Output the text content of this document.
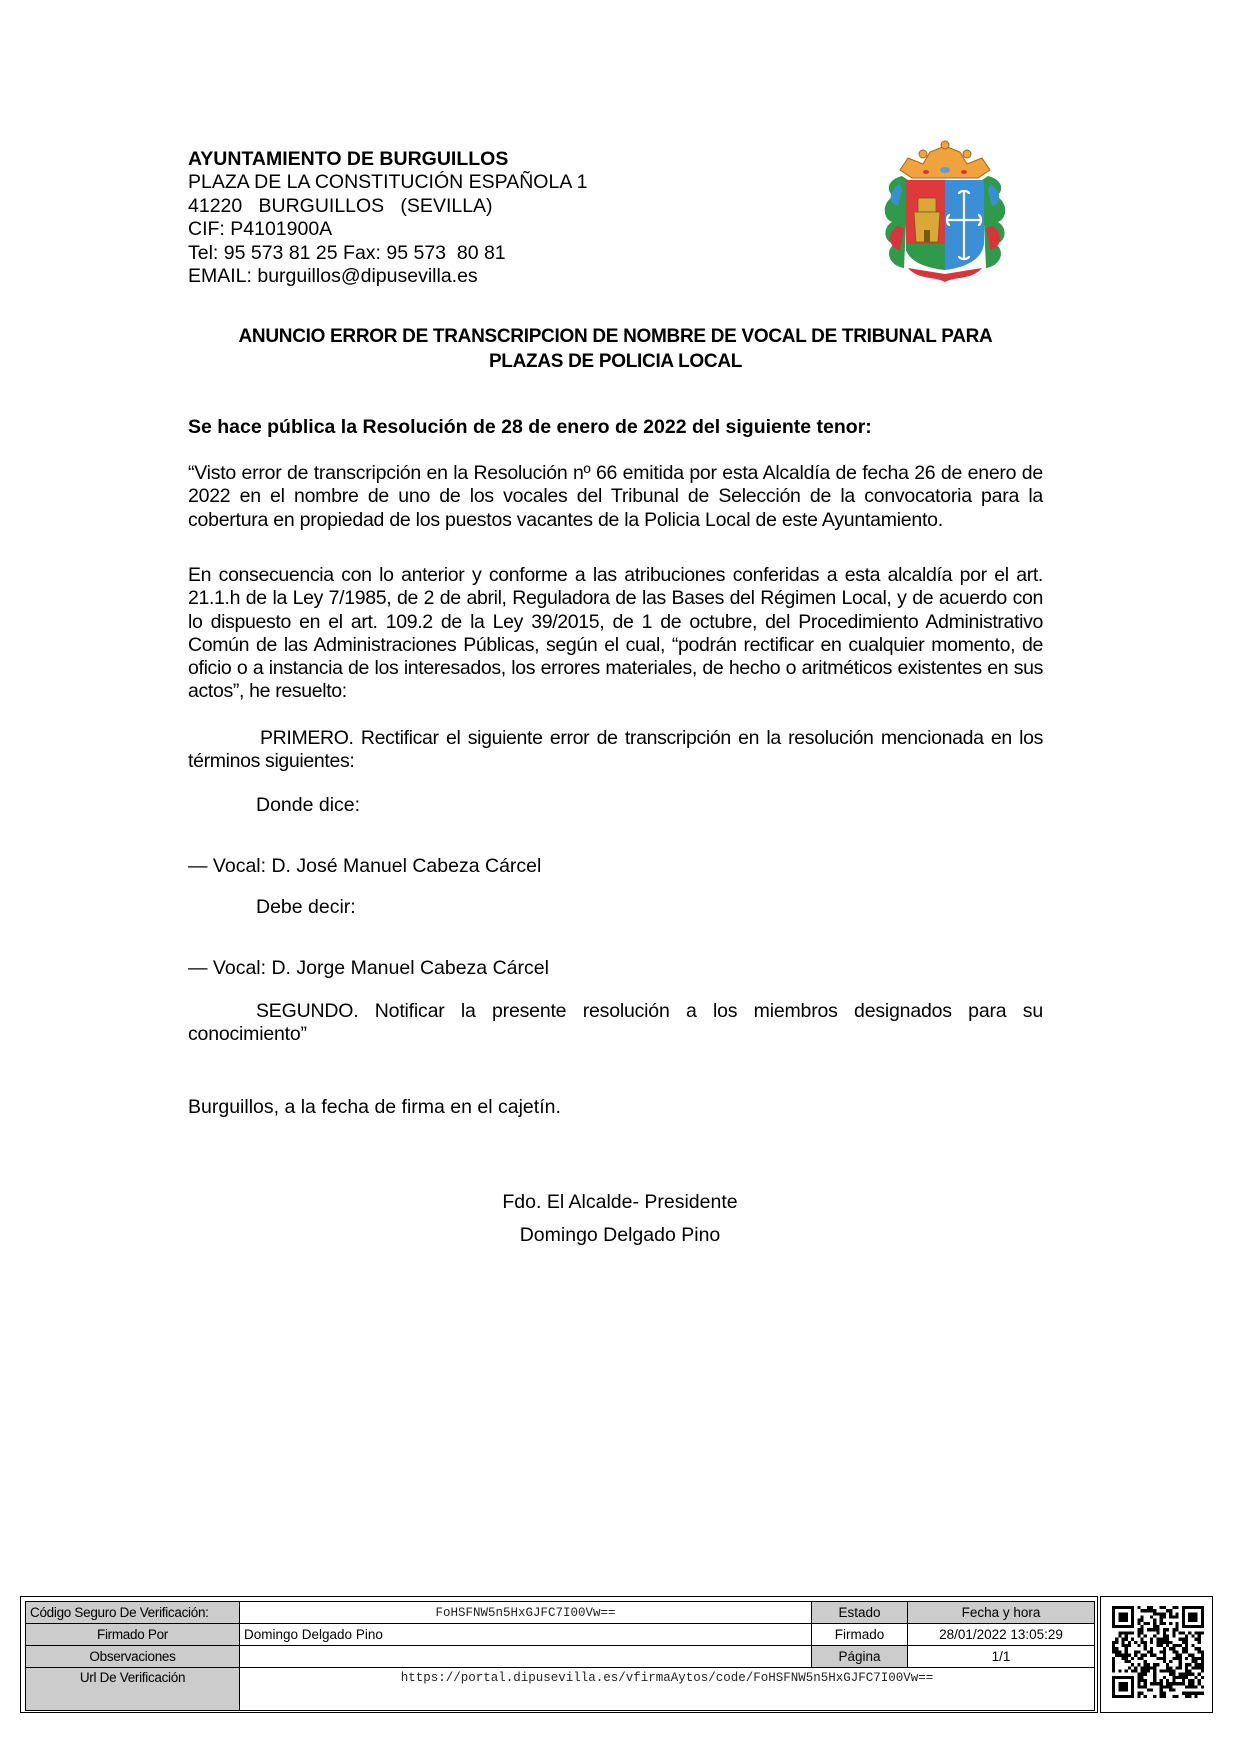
AYUNTAMIENTO DE BURGUILLOS
PLAZA DE LA CONSTITUCIÓN ESPAÑOLA 1
41220   BURGUILLOS   (SEVILLA)
CIF: P4101900A
Tel: 95 573 81 25 Fax: 95 573  80 81
EMAIL: burguillos@dipusevilla.es
ANUNCIO ERROR DE TRANSCRIPCION DE NOMBRE DE VOCAL DE TRIBUNAL PARA
PLAZAS DE POLICIA LOCAL

Se hace pública la Resolución de 28 de enero de 2022 del siguiente tenor:

“Visto error de transcripción en la Resolución nº 66 emitida por esta Alcaldía de fecha 26 de enero de 2022 en el nombre de uno de los vocales del Tribunal de Selección de la convocatoria para la cobertura en propiedad de los puestos vacantes de la Policia Local de este Ayuntamiento.

En consecuencia con lo anterior y conforme a las atribuciones conferidas a esta alcaldía por el art. 21.1.h de la Ley 7/1985, de 2 de abril, Reguladora de las Bases del Régimen Local, y de acuerdo con lo dispuesto en el art. 109.2 de la Ley 39/2015, de 1 de octubre, del Procedimiento Administrativo Común de las Administraciones Públicas, según el cual, “podrán rectificar en cualquier momento, de oficio o a instancia de los interesados, los errores materiales, de hecho o aritméticos existentes en sus actos”, he resuelto:

PRIMERO. Rectificar el siguiente error de transcripción en la resolución mencionada en los términos siguientes:

Donde dice:

— Vocal: D. José Manuel Cabeza Cárcel

Debe decir:

— Vocal: D. Jorge Manuel Cabeza Cárcel

SEGUNDO. Notificar la presente resolución a los miembros designados para su conocimiento”

Burguillos, a la fecha de firma en el cajetín.

Fdo. El Alcalde- Presidente
Domingo Delgado Pino
Código Seguro De Verificación:	FoHSFNW5n5HxGJFC7I00Vw==	Estado	Fecha y hora
Firmado Por	Domingo Delgado Pino	Firmado	28/01/2022 13:05:29
Observaciones		Página	1/1
Url De Verificación	https://portal.dipusevilla.es/vfirmaAytos/code/FoHSFNW5n5HxGJFC7I00Vw==		
